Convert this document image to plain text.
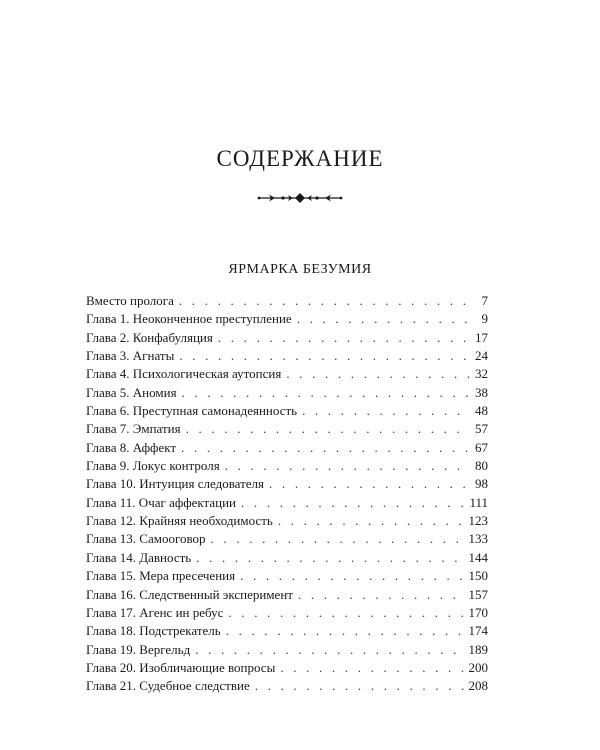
СОДЕРЖАНИЕ
ЯРМАРКА БЕЗУМИЯ
Вместо пролога . . .	7
Глава 1. Неоконченное преступление . . .	9
Глава 2. Конфабуляция . . .	17
Глава 3. Агнаты . . .	24
Глава 4. Психологическая аутопсия . . .	32
Глава 5. Аномия . . .	38
Глава 6. Преступная самонадеянность . . .	48
Глава 7. Эмпатия . . .	57
Глава 8. Аффект . . .	67
Глава 9. Локус контроля . . .	80
Глава 10. Интуиция следователя . . .	98
Глава 11. Очаг аффектации . . .	111
Глава 12. Крайняя необходимость . . .	123
Глава 13. Самооговор . . .	133
Глава 14. Давность . . .	144
Глава 15. Мера пресечения . . .	150
Глава 16. Следственный эксперимент . . .	157
Глава 17. Агенс ин ребус . . .	170
Глава 18. Подстрекатель . . .	174
Глава 19. Вергельд . . .	189
Глава 20. Изобличающие вопросы . . .	200
Глава 21. Судебное следствие . . .	208
